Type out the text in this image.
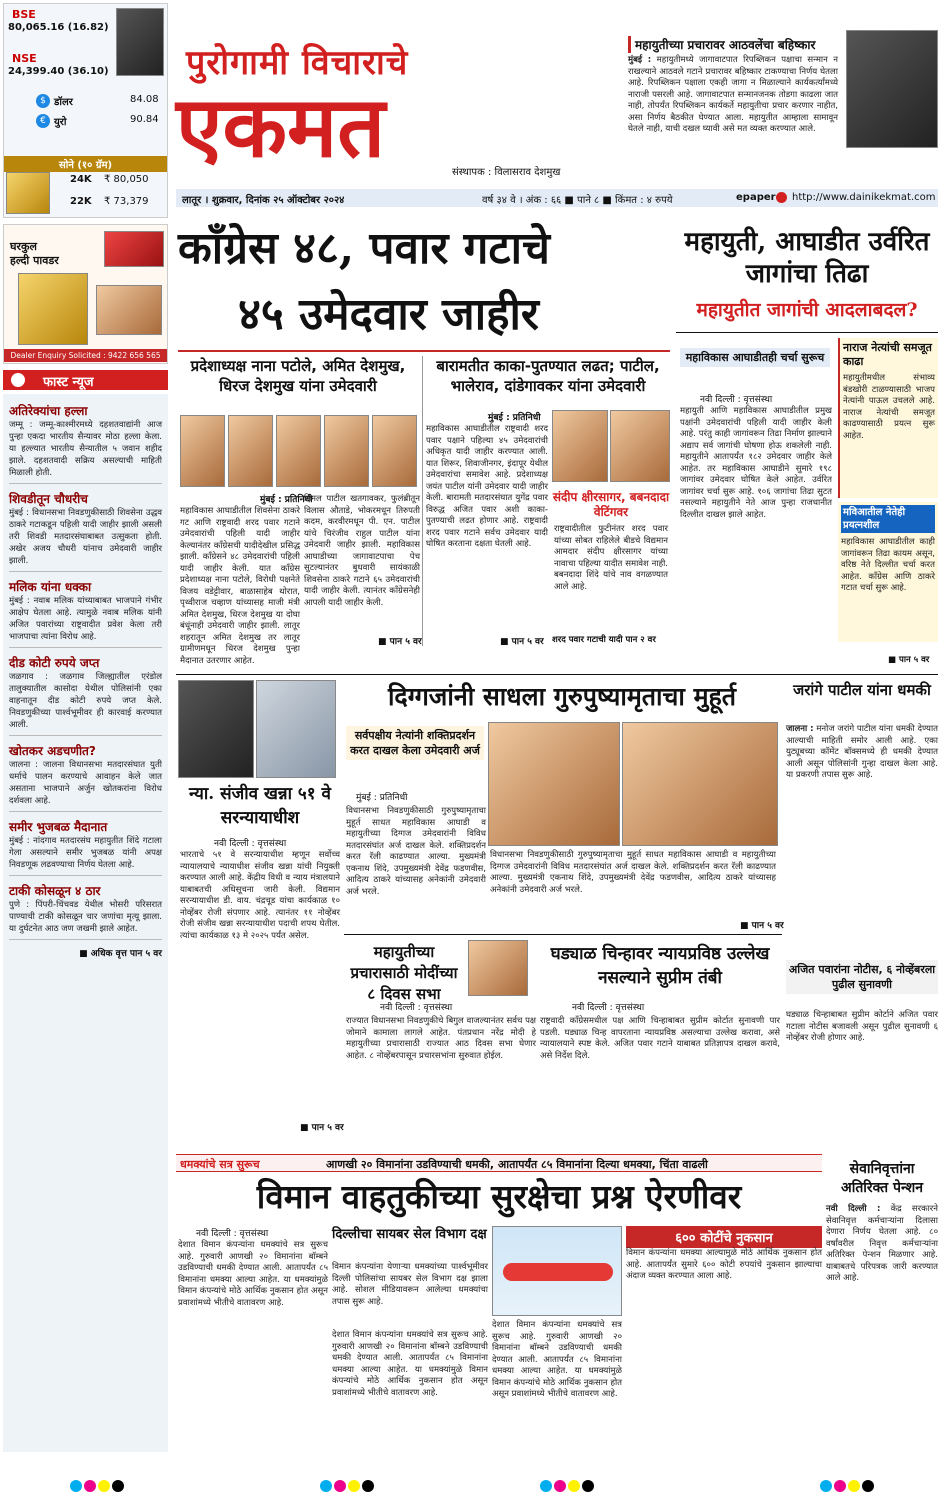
BSE
80,065.16 (16.82)
NSE
24,399.40 (36.10)
$ डॉलर	84.08
€ युरो	90.84
सोने (१० ग्रॅम)
24K ₹ 80,050
22K ₹ 73,379
पुरोगामी विचाराचे
एकमत	संस्थापक : विलासराव देशमुख
महायुतीच्या प्रचारावर आठवलेंचा बहिष्कार
मुंबई : महायुतीमध्ये जागावाटपात रिपब्लिकन पक्षाचा सन्मान न राखल्याने आठवले गटाने प्रचारावर बहिष्कार टाकण्याचा निर्णय घेतला आहे. रिपब्लिकन पक्षाला एकही जागा न मिळाल्याने कार्यकर्त्यांमध्ये नाराजी पसरली आहे. जागावाटपात सन्मानजनक तोडगा काढला जात नाही, तोपर्यंत रिपब्लिकन कार्यकर्ते महायुतीचा प्रचार करणार नाहीत, असा निर्णय बैठकीत घेण्यात आला. महायुतीत आम्हाला सामावून घेतले नाही, याची दखल घ्यावी असे मत व्यक्त करण्यात आले.
लातूर । शुक्रवार, दिनांक २५ ऑक्टोबर २०२४	वर्ष ३४ वे । अंक : ६६ ■ पाने ८ ■ किंमत : ४ रुपये	epaper http://www.dainikekmat.com
घरकुल
हल्दी पावडर
Dealer Enquiry Solicited : 9422 656 565
फास्ट न्यूज
अतिरेक्यांचा हल्ला
जम्मू : जम्मू-काश्मीरमध्ये दहशतवाद्यांनी आज पुन्हा एकदा भारतीय सैन्यावर मोठा हल्ला केला. या हल्ल्यात भारतीय सैन्यातील ५ जवान शहीद झाले. दहशतवादी सक्रिय असल्याची माहिती मिळाली होती.
शिवडीतून चौधरीच
मुंबई : विधानसभा निवडणुकीसाठी शिवसेना उद्धव ठाकरे गटाकडून पहिली यादी जाहीर झाली असली तरी शिवडी मतदारसंघाबाबत उत्सुकता होती. अखेर अजय चौधरी यांनाच उमेदवारी जाहीर झाली.
मलिक यांना धक्का
मुंबई : नवाब मलिक यांच्याबाबत भाजपाने गंभीर आक्षेप घेतला आहे. त्यामुळे नवाब मलिक यांनी अजित पवारांच्या राष्ट्रवादीत प्रवेश केला तरी भाजपाचा त्यांना विरोध आहे.
दीड कोटी रुपये जप्त
जळगाव : जळगाव जिल्ह्यातील एरंडोल तालुक्यातील कासोदा येथील पोलिसांनी एका वाहनातून दीड कोटी रुपये जप्त केले. निवडणुकीच्या पार्श्वभूमीवर ही कारवाई करण्यात आली.
खोतकर अडचणीत?
जालना : जालना विधानसभा मतदारसंघात युती धर्माचे पालन करण्याचे आवाहन केले जात असताना भाजपाने अर्जुन खोतकरांना विरोध दर्शवला आहे.
समीर भुजबळ मैदानात
मुंबई : नांदगाव मतदारसंघ महायुतीत शिंदे गटाला गेला असल्याने समीर भुजबळ यांनी अपक्ष निवडणूक लढवण्याचा निर्णय घेतला आहे.
टाकी कोसळून ४ ठार
पुणे : पिंपरी-चिंचवड येथील भोसरी परिसरात पाण्याची टाकी कोसळून चार जणांचा मृत्यू झाला. या दुर्घटनेत आठ जण जखमी झाले आहेत.
■ अधिक वृत्त पान ५ वर
काँग्रेस ४८, पवार गटाचे
४५ उमेदवार जाहीर
महायुती, आघाडीत उर्वरित जागांचा तिढा
महायुतीत जागांची आदलाबदल?
प्रदेशाध्यक्ष नाना पटोले, अमित देशमुख, धिरज देशमुख यांना उमेदवारी
बारामतीत काका-पुतण्यात लढत; पाटील, भालेराव, दांडेगावकर यांना उमेदवारी
मुंबई : प्रतिनिधी
महाविकास आघाडीतील शिवसेना ठाकरे गट आणि राष्ट्रवादी शरद पवार गटाने उमेदवारांची पहिली यादी जाहीर केल्यानंतर काँग्रेसची यादीदेखील प्रसिद्ध झाली. काँग्रेसने ४८ उमेदवारांची पहिली यादी जाहीर केली. यात काँग्रेस प्रदेशाध्यक्ष नाना पटोले, विरोधी पक्षनेते विजय वडेट्टीवार, बाळासाहेब थोरात, पृथ्वीराज चव्हाण यांच्यासह माजी मंत्री अमित देशमुख, धिरज देशमुख या दोघा बंधूंनाही उमेदवारी जाहीर झाली. लातूर शहरातून अमित देशमुख तर लातूर ग्रामीणमधून धिरज देशमुख पुन्हा मैदानात उतरणार आहेत.
मिनल पाटील खतगावकर, फुलंब्रीतून विलास औताडे, भोकरमधून तिरुपती कदम, करवीरमधून पी. एन. पाटील यांचे चिरंजीव राहुल पाटील यांना उमेदवारी जाहीर झाली. महाविकास आघाडीच्या जागावाटपाचा पेच सुटल्यानंतर बुधवारी सायंकाळी शिवसेना ठाकरे गटाने ६५ उमेदवारांची यादी जाहीर केली. त्यानंतर काँग्रेसनेही आपली यादी जाहीर केली.
■ पान ५ वर
मुंबई : प्रतिनिधी
महाविकास आघाडीतील राष्ट्रवादी शरद पवार पक्षाने पहिल्या ४५ उमेदवारांची अधिकृत यादी जाहीर करण्यात आली. यात शिरूर, शिवाजीनगर, इंदापूर येथील उमेदवारांचा समावेश आहे. प्रदेशाध्यक्ष जयंत पाटील यांनी उमेदवार यादी जाहीर केली. बारामती मतदारसंघात युगेंद्र पवार विरुद्ध अजित पवार अशी काका-पुतण्याची लढत होणार आहे. राष्ट्रवादी शरद पवार गटाने सर्वच उमेदवार यादी घोषित करताना दक्षता घेतली आहे.
■ पान ५ वर
संदीप क्षीरसागर, बबनदादा वेटिंगवर
राष्ट्रवादीतील फुटीनंतर शरद पवार यांच्या सोबत राहिलेले बीडचे विद्यमान आमदार संदीप क्षीरसागर यांच्या नावाचा पहिल्या यादीत समावेश नाही. बबनदादा शिंदे यांचे नाव वगळण्यात आले आहे.
शरद पवार गटाची यादी पान २ वर
महाविकास आघाडीतही चर्चा सुरूच
नवी दिल्ली : वृत्तसंस्था
महायुती आणि महाविकास आघाडीतील प्रमुख पक्षांनी उमेदवारांची पहिली यादी जाहीर केली आहे. परंतु काही जागांवरून तिढा निर्माण झाल्याने अद्याप सर्व जागांची घोषणा होऊ शकलेली नाही. महायुतीने आतापर्यंत १८२ उमेदवार जाहीर केले आहेत. तर महाविकास आघाडीने सुमारे १९८ जागांवर उमेदवार घोषित केले आहेत. उर्वरित जागांवर चर्चा सुरू आहे. १०६ जागांचा तिढा सुटत नसल्याने महायुतीने नेते आज पुन्हा राजधानीत दिल्लीत दाखल झाले आहेत.
नाराज नेत्यांची समजूत काढा
महायुतीमधील संभाव्य बंडखोरी टाळण्यासाठी भाजप नेत्यांनी पाऊल उचलले आहे. नाराज नेत्यांची समजूत काढण्यासाठी प्रयत्न सुरू आहेत.
मविआतील नेतेही प्रयत्नशील
महाविकास आघाडीतील काही जागांवरून तिढा कायम असून, वरिष्ठ नेते दिल्लीत चर्चा करत आहेत. काँग्रेस आणि ठाकरे गटात चर्चा सुरू आहे.
■ पान ५ वर
न्या. संजीव खन्ना ५१ वे सरन्यायाधीश
नवी दिल्ली : वृत्तसंस्था
भारताचे ५१ वे सरन्यायाधीश म्हणून सर्वोच्च न्यायालयाचे न्यायाधीश संजीव खन्ना यांची नियुक्ती करण्यात आली आहे. केंद्रीय विधी व न्याय मंत्रालयाने याबाबतची अधिसूचना जारी केली. विद्यमान सरन्यायाधीश डी. वाय. चंद्रचूड यांचा कार्यकाळ १० नोव्हेंबर रोजी संपणार आहे. त्यानंतर ११ नोव्हेंबर रोजी संजीव खन्ना सरन्यायाधीश पदाची शपथ घेतील. त्यांचा कार्यकाळ १३ मे २०२५ पर्यंत असेल.
■ पान ५ वर
दिग्गजांनी साधला गुरुपुष्यामृताचा मुहूर्त
सर्वपक्षीय नेत्यांनी शक्तिप्रदर्शन करत दाखल केला उमेदवारी अर्ज
मुंबई : प्रतिनिधी
विधानसभा निवडणुकीसाठी गुरुपुष्यामृताचा मुहूर्त साधत महाविकास आघाडी व महायुतीच्या दिग्गज उमेदवारांनी विविध मतदारसंघांत अर्ज दाखल केले. शक्तिप्रदर्शन करत रॅली काढण्यात आल्या. मुख्यमंत्री एकनाथ शिंदे, उपमुख्यमंत्री देवेंद्र फडणवीस, आदित्य ठाकरे यांच्यासह अनेकांनी उमेदवारी अर्ज भरले.
विधानसभा निवडणुकीसाठी गुरुपुष्यामृताचा मुहूर्त साधत महाविकास आघाडी व महायुतीच्या दिग्गज उमेदवारांनी विविध मतदारसंघांत अर्ज दाखल केले. शक्तिप्रदर्शन करत रॅली काढण्यात आल्या. मुख्यमंत्री एकनाथ शिंदे, उपमुख्यमंत्री देवेंद्र फडणवीस, आदित्य ठाकरे यांच्यासह अनेकांनी उमेदवारी अर्ज भरले.
■ पान ५ वर
जरांगे पाटील यांना धमकी
जालना : मनोज जरांगे पाटील यांना धमकी देण्यात आल्याची माहिती समोर आली आहे. एका युट्यूबच्या कॉमेंट बॉक्समध्ये ही धमकी देण्यात आली असून पोलिसांनी गुन्हा दाखल केला आहे. या प्रकरणी तपास सुरू आहे.
महायुतीच्या प्रचारासाठी मोदींच्या ८ दिवस सभा
नवी दिल्ली : वृत्तसंस्था
राज्यात विधानसभा निवडणुकीचे बिगुल वाजल्यानंतर सर्वच पक्ष जोमाने कामाला लागले आहेत. पंतप्रधान नरेंद्र मोदी हे महायुतीच्या प्रचारासाठी राज्यात आठ दिवस सभा घेणार आहेत. ८ नोव्हेंबरपासून प्रचारसभांना सुरुवात होईल.
घड्याळ चिन्हावर न्यायप्रविष्ठ उल्लेख नसल्याने सुप्रीम तंबी
नवी दिल्ली : वृत्तसंस्था
राष्ट्रवादी काँग्रेसमधील पक्ष आणि चिन्हाबाबत सुप्रीम कोर्टात सुनावणी पार पडली. घड्याळ चिन्ह वापरताना न्यायप्रविष्ठ असल्याचा उल्लेख करावा, असे न्यायालयाने स्पष्ट केले. अजित पवार गटाने याबाबत प्रतिज्ञापत्र दाखल करावे, असे निर्देश दिले.
अजित पवारांना नोटीस, ६ नोव्हेंबरला पुढील सुनावणी
घड्याळ चिन्हाबाबत सुप्रीम कोर्टाने अजित पवार गटाला नोटीस बजावली असून पुढील सुनावणी ६ नोव्हेंबर रोजी होणार आहे.
धमक्यांचे सत्र सुरूच	आणखी २० विमानांना उडविण्याची धमकी, आतापर्यंत ८५ विमानांना दिल्या धमक्या, चिंता वाढली
विमान वाहतुकीच्या सुरक्षेचा प्रश्न ऐरणीवर
नवी दिल्ली : वृत्तसंस्था
देशात विमान कंपन्यांना धमक्यांचे सत्र सुरूच आहे. गुरुवारी आणखी २० विमानांना बॉम्बने उडविण्याची धमकी देण्यात आली. आतापर्यंत ८५ विमानांना धमक्या आल्या आहेत. या धमक्यांमुळे विमान कंपन्यांचे मोठे आर्थिक नुकसान होत असून प्रवाशांमध्ये भीतीचे वातावरण आहे.
देशात विमान कंपन्यांना धमक्यांचे सत्र सुरूच आहे. गुरुवारी आणखी २० विमानांना बॉम्बने उडविण्याची धमकी देण्यात आली. आतापर्यंत ८५ विमानांना धमक्या आल्या आहेत. या धमक्यांमुळे विमान कंपन्यांचे मोठे आर्थिक नुकसान होत असून प्रवाशांमध्ये भीतीचे वातावरण आहे.
दिल्लीचा सायबर सेल विभाग दक्ष
विमान कंपन्यांना येणाऱ्या धमक्यांच्या पार्श्वभूमीवर दिल्ली पोलिसांचा सायबर सेल विभाग दक्ष झाला आहे. सोशल मीडियावरून आलेल्या धमक्यांचा तपास सुरू आहे.
देशात विमान कंपन्यांना धमक्यांचे सत्र सुरूच आहे. गुरुवारी आणखी २० विमानांना बॉम्बने उडविण्याची धमकी देण्यात आली. आतापर्यंत ८५ विमानांना धमक्या आल्या आहेत. या धमक्यांमुळे विमान कंपन्यांचे मोठे आर्थिक नुकसान होत असून प्रवाशांमध्ये भीतीचे वातावरण आहे.
६०० कोटींचे नुकसान
विमान कंपन्यांना धमक्या आल्यामुळे मोठे आर्थिक नुकसान होत आहे. आतापर्यंत सुमारे ६०० कोटी रुपयांचे नुकसान झाल्याचा अंदाज व्यक्त करण्यात आला आहे.
सेवानिवृत्तांना अतिरिक्त पेन्शन
नवी दिल्ली : केंद्र सरकारने सेवानिवृत्त कर्मचाऱ्यांना दिलासा देणारा निर्णय घेतला आहे. ८० वर्षांवरील निवृत्त कर्मचाऱ्यांना अतिरिक्त पेन्शन मिळणार आहे. याबाबतचे परिपत्रक जारी करण्यात आले आहे.
